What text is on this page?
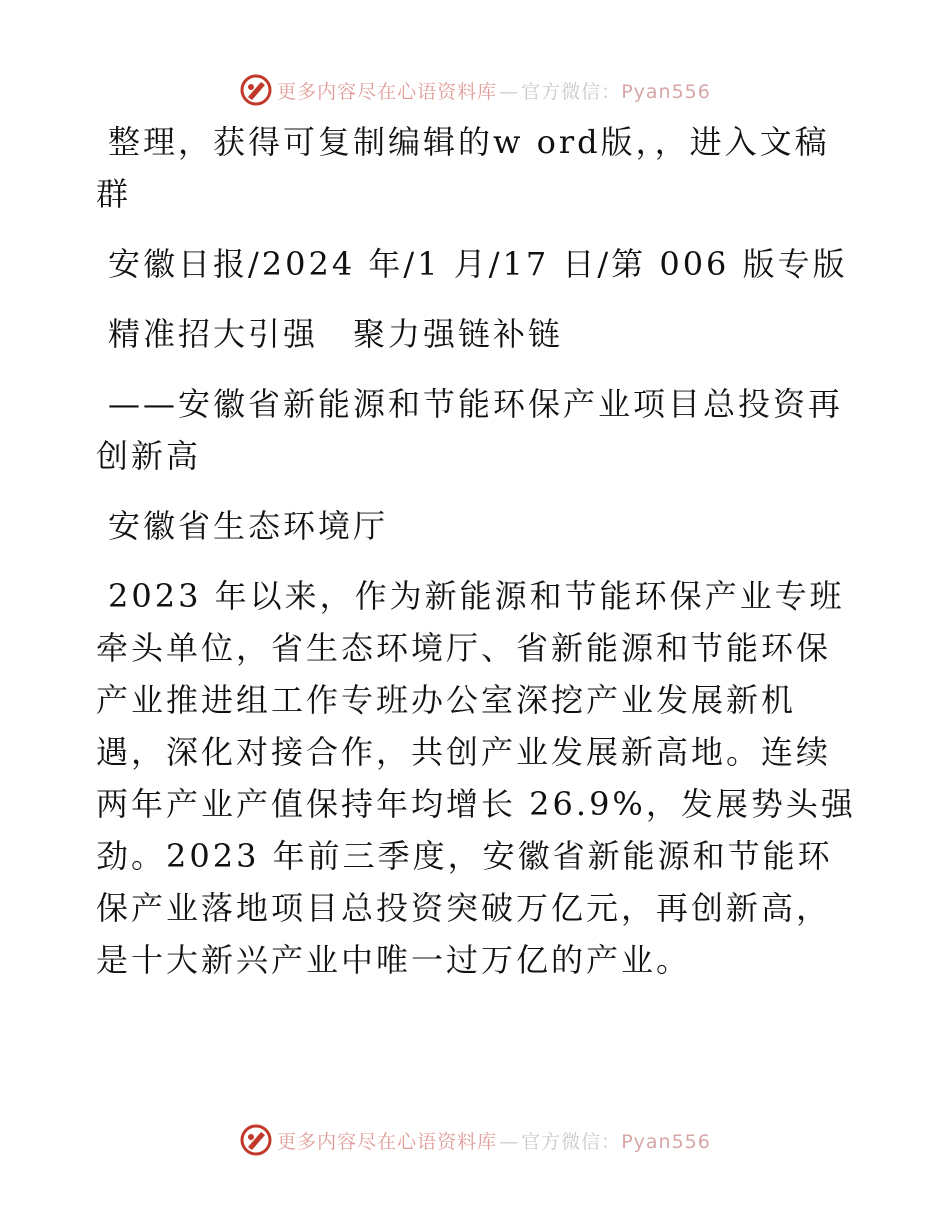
更多内容尽在心语资料库 — 官方微信：Pyan556

整理，获得可复制编辑的w ord版，，进入文稿群

安徽日报/2024 年/1 月/17 日/第 006 版专版

精准招大引强　聚力强链补链

——安徽省新能源和节能环保产业项目总投资再创新高

安徽省生态环境厅

2023 年以来，作为新能源和节能环保产业专班牵头单位，省生态环境厅、省新能源和节能环保产业推进组工作专班办公室深挖产业发展新机遇，深化对接合作，共创产业发展新高地。连续两年产业产值保持年均增长 26.9%，发展势头强劲。2023 年前三季度，安徽省新能源和节能环保产业落地项目总投资突破万亿元，再创新高，是十大新兴产业中唯一过万亿的产业。

更多内容尽在心语资料库 — 官方微信：Pyan556
